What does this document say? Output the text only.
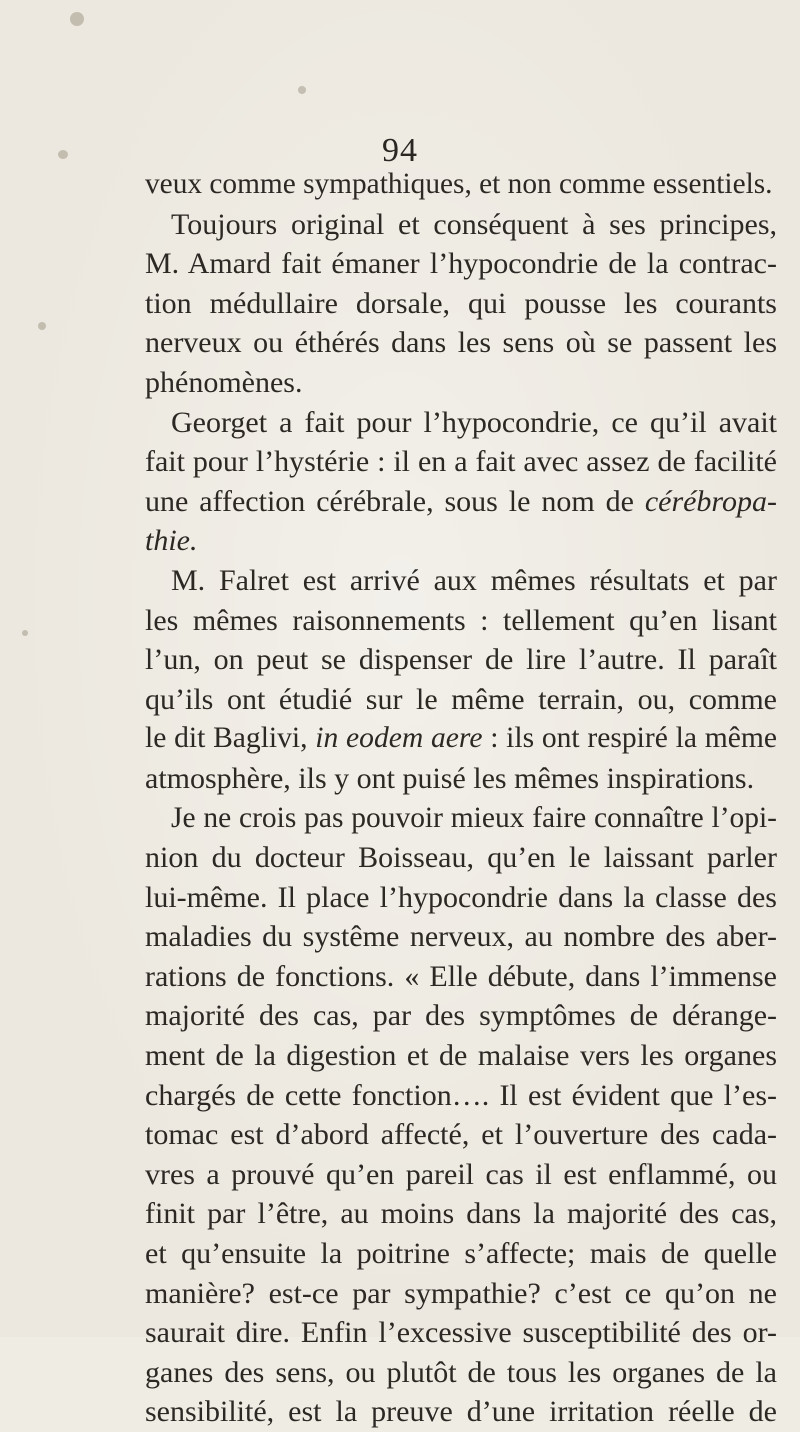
94
veux comme sympathiques, et non comme essentiels.
Toujours original et conséquent à ses principes,
M. Amard fait émaner l’hypocondrie de la contrac-
tion médullaire dorsale, qui pousse les courants
nerveux ou éthérés dans les sens où se passent les
phénomènes.
Georget a fait pour l’hypocondrie, ce qu’il avait
fait pour l’hystérie : il en a fait avec assez de facilité
une affection cérébrale, sous le nom de cérébropa-
thie.
M. Falret est arrivé aux mêmes résultats et par
les mêmes raisonnements : tellement qu’en lisant
l’un, on peut se dispenser de lire l’autre. Il paraît
qu’ils ont étudié sur le même terrain, ou, comme
le dit Baglivi, in eodem aere : ils ont respiré la même
atmosphère, ils y ont puisé les mêmes inspirations.
Je ne crois pas pouvoir mieux faire connaître l’opi-
nion du docteur Boisseau, qu’en le laissant parler
lui-même. Il place l’hypocondrie dans la classe des
maladies du systême nerveux, au nombre des aber-
rations de fonctions. « Elle débute, dans l’immense
majorité des cas, par des symptômes de dérange-
ment de la digestion et de malaise vers les organes
chargés de cette fonction…. Il est évident que l’es-
tomac est d’abord affecté, et l’ouverture des cada-
vres a prouvé qu’en pareil cas il est enflammé, ou
finit par l’être, au moins dans la majorité des cas,
et qu’ensuite la poitrine s’affecte; mais de quelle
manière? est-ce par sympathie? c’est ce qu’on ne
saurait dire. Enfin l’excessive susceptibilité des or-
ganes des sens, ou plutôt de tous les organes de la
sensibilité, est la preuve d’une irritation réelle de
